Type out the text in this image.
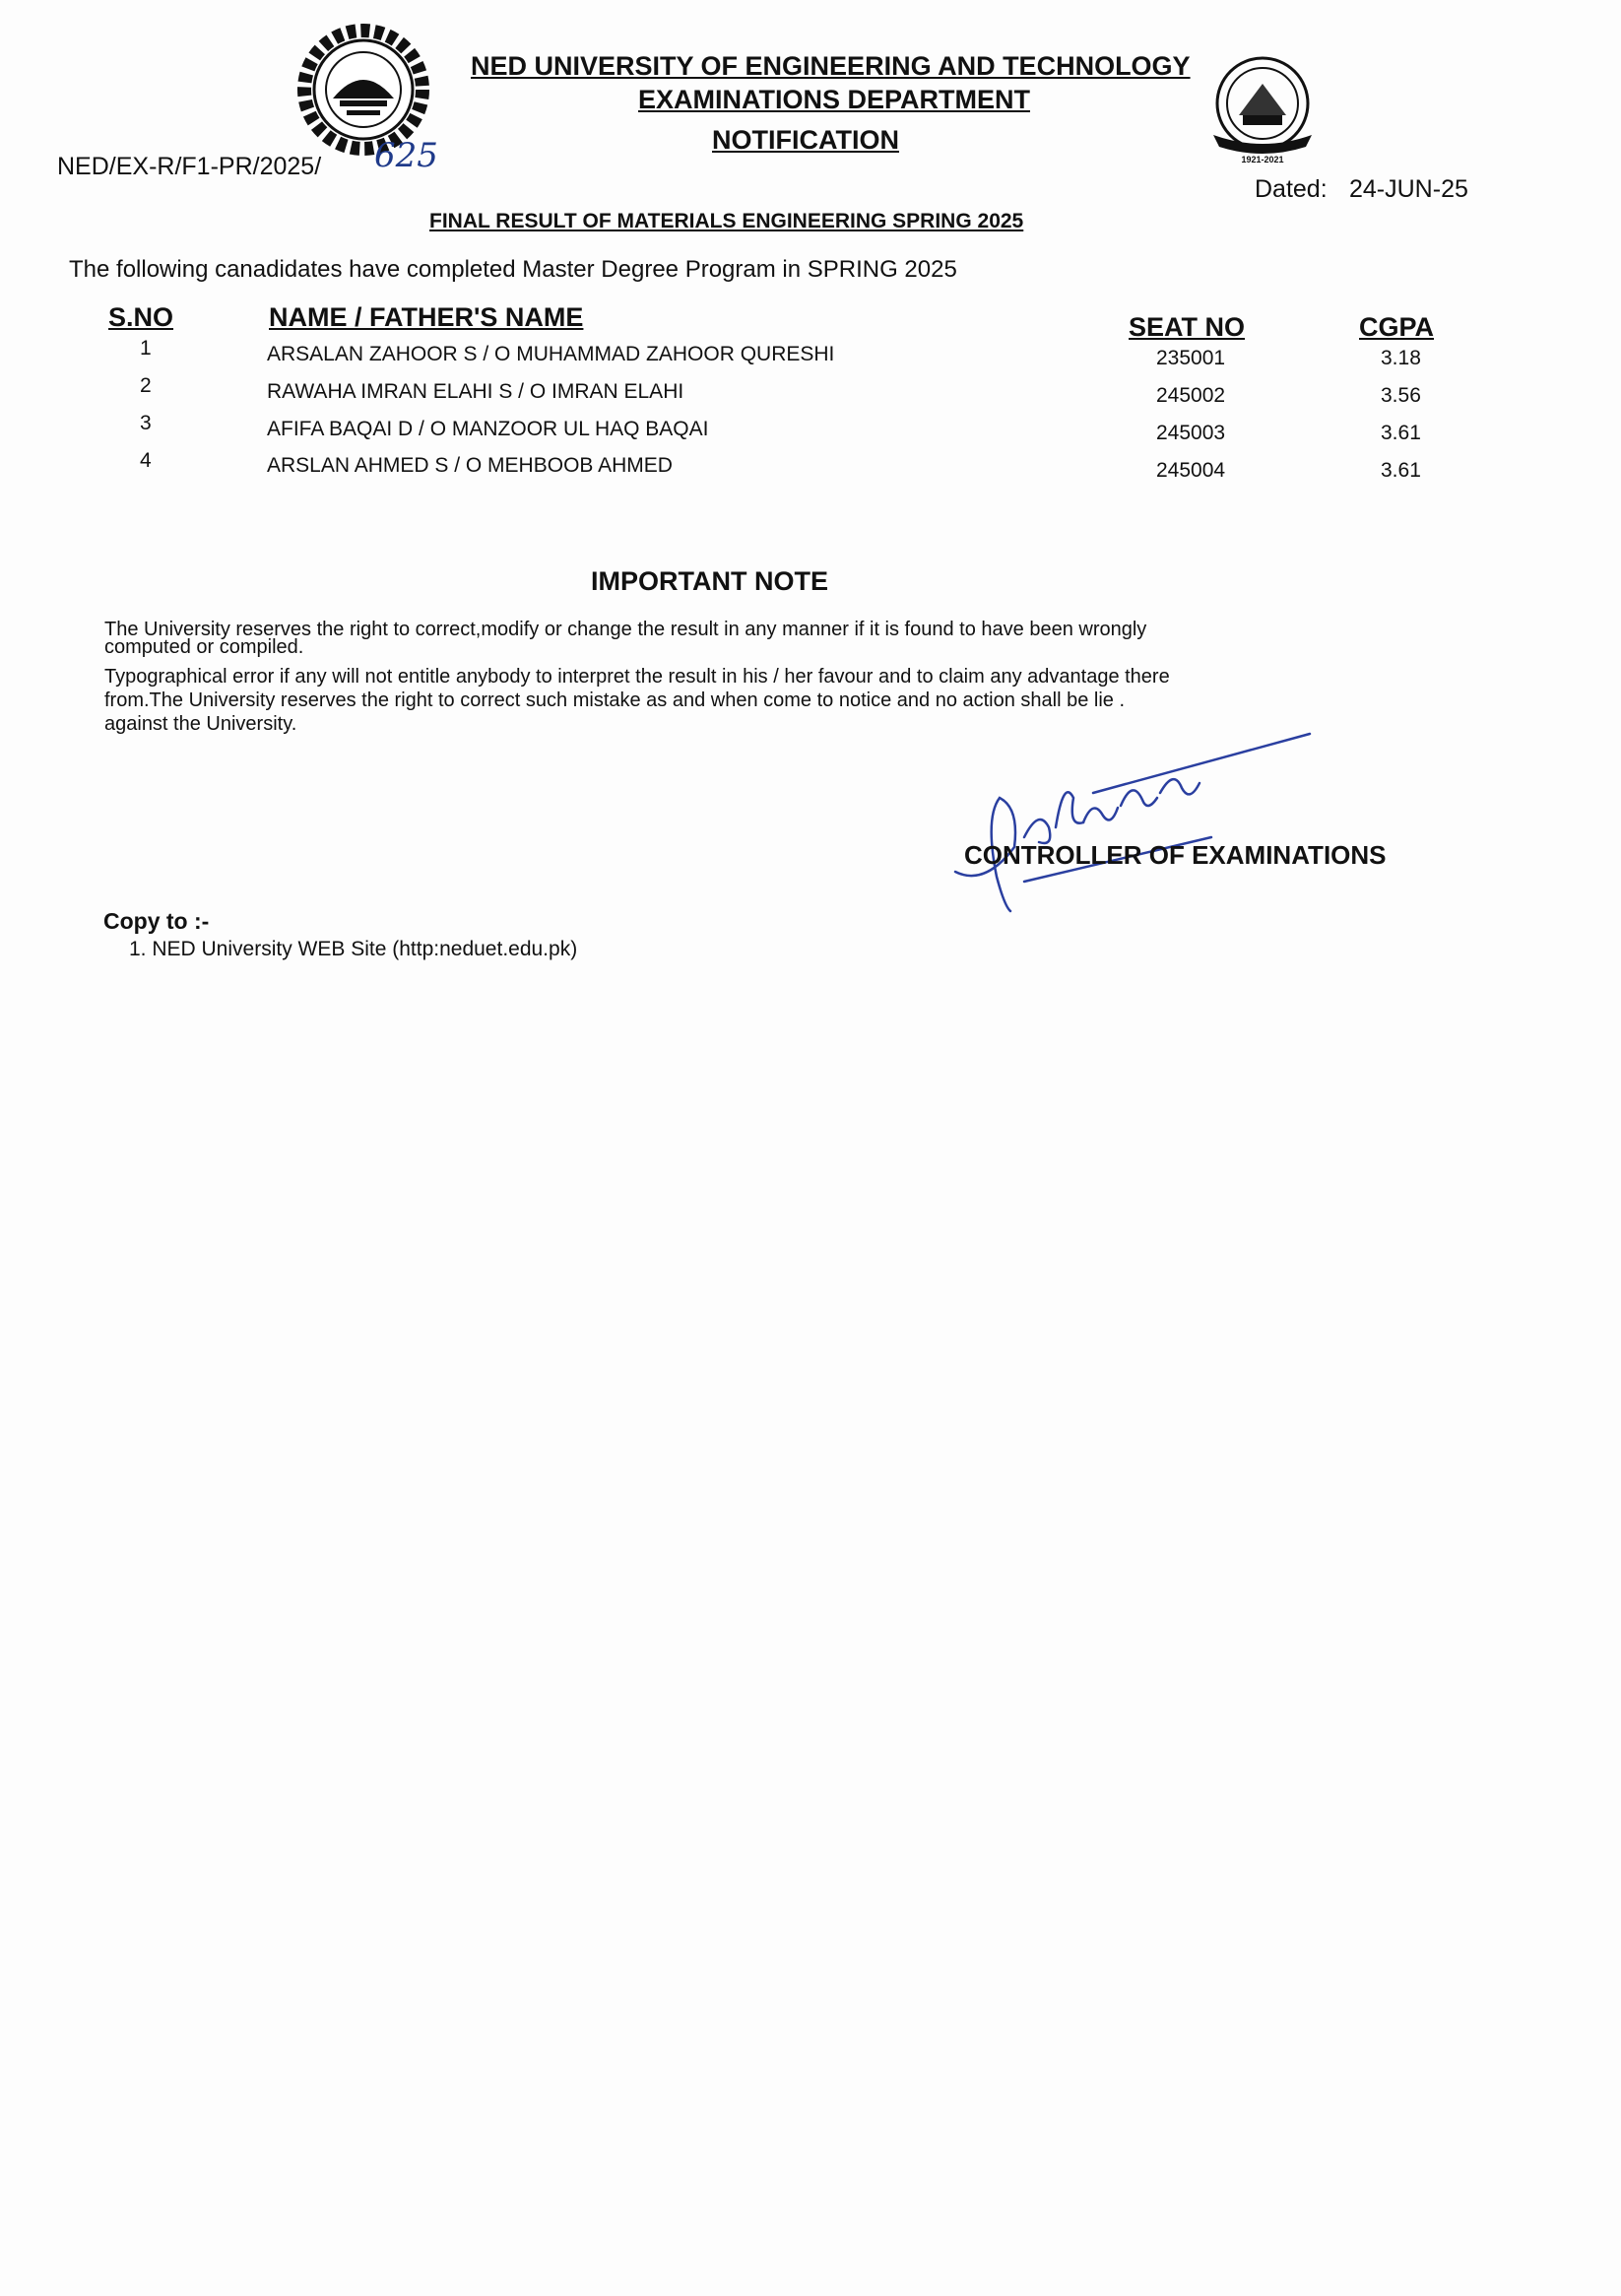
1921-2021
NED UNIVERSITY OF ENGINEERING AND TECHNOLOGY
EXAMINATIONS DEPARTMENT
NOTIFICATION
NED/EX-R/F1-PR/2025/ 625
Dated: 24-JUN-25
FINAL RESULT OF MATERIALS ENGINEERING SPRING 2025
The following canadidates have completed Master Degree Program in SPRING 2025
S.NO	NAME / FATHER'S NAME	SEAT NO	CGPA
1	ARSALAN ZAHOOR S / O MUHAMMAD ZAHOOR QURESHI	235001	3.18
2	RAWAHA IMRAN ELAHI S / O IMRAN ELAHI	245002	3.56
3	AFIFA BAQAI D / O MANZOOR UL HAQ BAQAI	245003	3.61
4	ARSLAN AHMED S / O MEHBOOB AHMED	245004	3.61
IMPORTANT NOTE
The University reserves the right to correct,modify or change the result in any manner if it is found to have been wrongly
computed or compiled.
Typographical error if any will not entitle anybody to interpret the result in his / her favour and to claim any advantage there
from.The University reserves the right to correct such mistake as and when come to notice and no action shall be lie .
against the University.
CONTROLLER OF EXAMINATIONS
Copy to :-
1. NED University WEB Site (http:neduet.edu.pk)
